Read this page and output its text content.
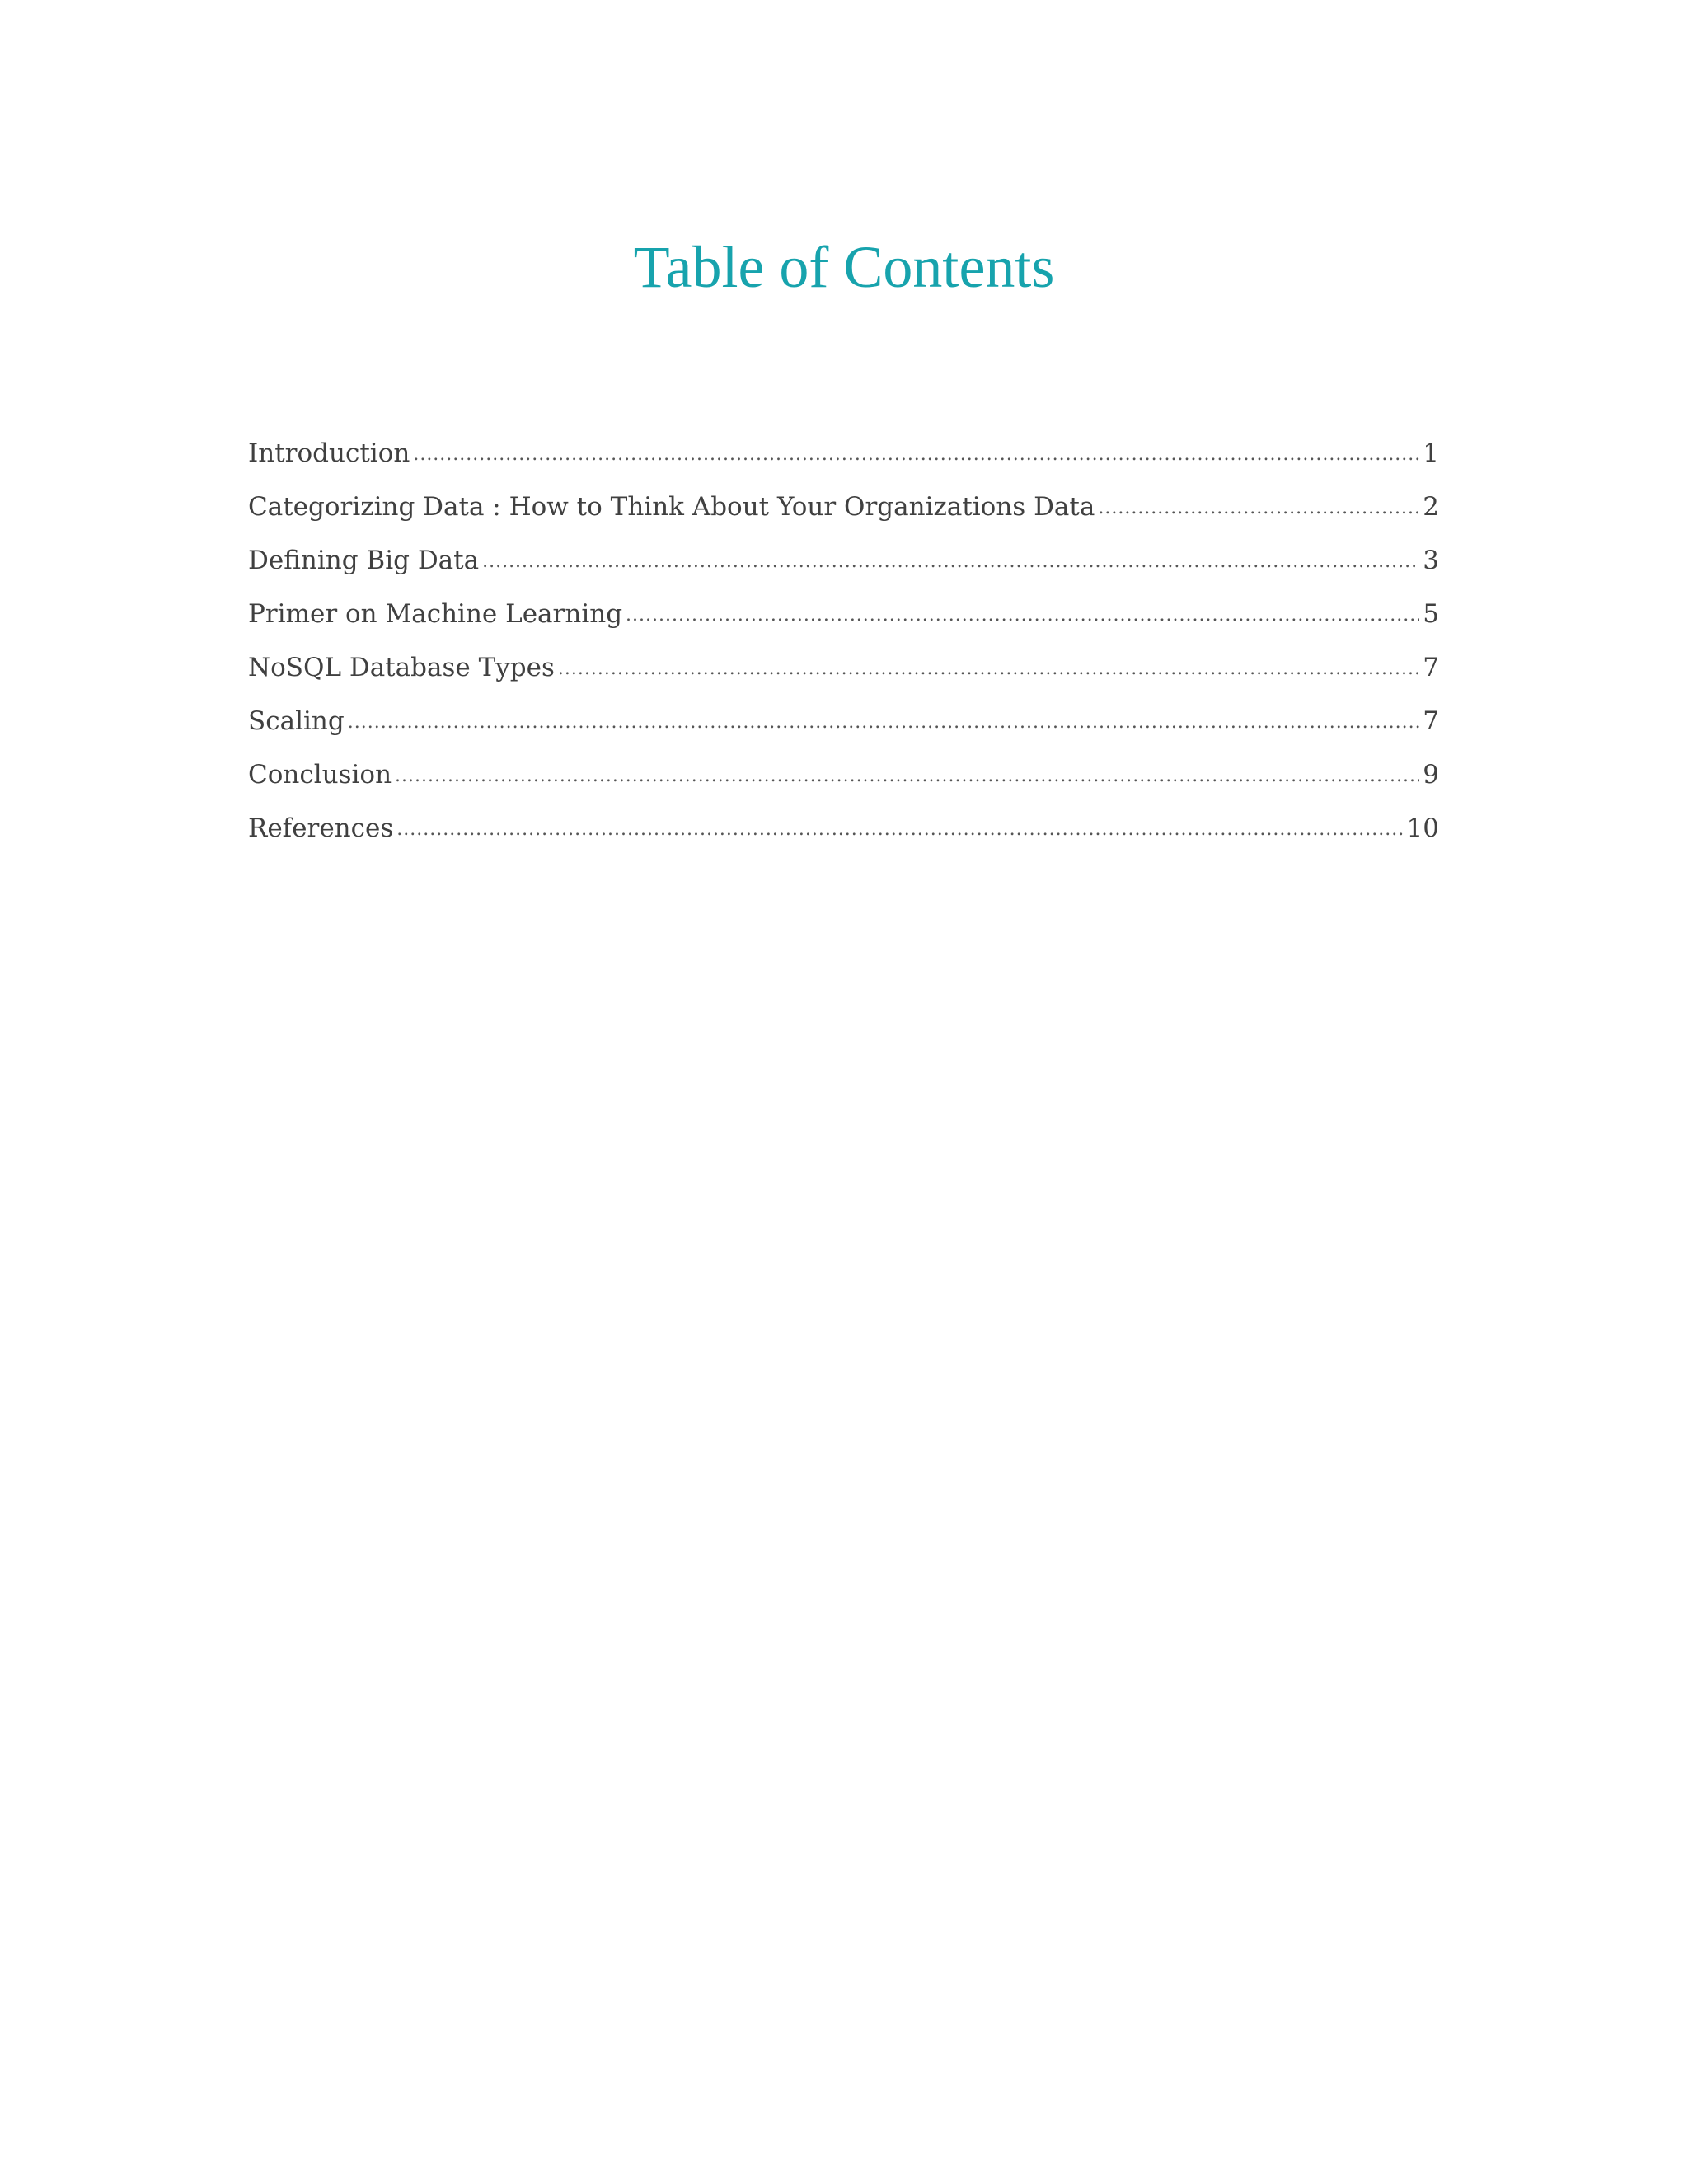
Table of Contents
Introduction .....	1
Categorizing Data : How to Think About Your Organizations Data .....	2
Defining Big Data .....	3
Primer on Machine Learning .....	5
NoSQL Database Types .....	7
Scaling .....	7
Conclusion .....	9
References .....	10
